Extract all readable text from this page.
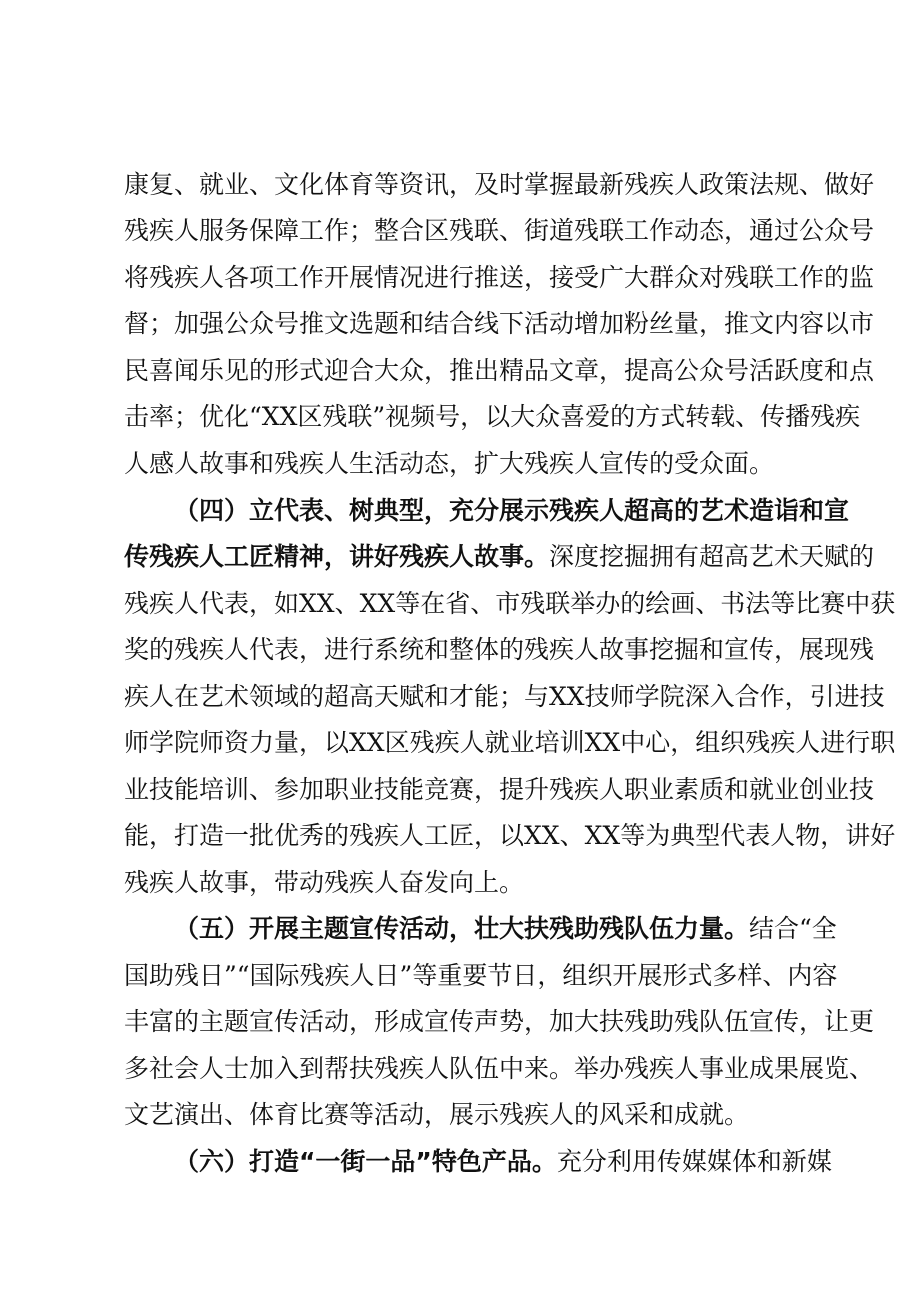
康复、就业、文化体育等资讯，及时掌握最新残疾人政策法规、做好
残疾人服务保障工作；整合区残联、街道残联工作动态，通过公众号
将残疾人各项工作开展情况进行推送，接受广大群众对残联工作的监
督；加强公众号推文选题和结合线下活动增加粉丝量，推文内容以市
民喜闻乐见的形式迎合大众，推出精品文章，提高公众号活跃度和点
击率；优化“XX区残联”视频号，以大众喜爱的方式转载、传播残疾
人感人故事和残疾人生活动态，扩大残疾人宣传的受众面。
（四）立代表、树典型，充分展示残疾人超高的艺术造诣和宣
传残疾人工匠精神，讲好残疾人故事。深度挖掘拥有超高艺术天赋的
残疾人代表，如XX、XX等在省、市残联举办的绘画、书法等比赛中获
奖的残疾人代表，进行系统和整体的残疾人故事挖掘和宣传，展现残
疾人在艺术领域的超高天赋和才能；与XX技师学院深入合作，引进技
师学院师资力量，以XX区残疾人就业培训XX中心，组织残疾人进行职
业技能培训、参加职业技能竞赛，提升残疾人职业素质和就业创业技
能，打造一批优秀的残疾人工匠，以XX、XX等为典型代表人物，讲好
残疾人故事，带动残疾人奋发向上。
（五）开展主题宣传活动，壮大扶残助残队伍力量。结合“全
国助残日”“国际残疾人日”等重要节日，组织开展形式多样、内容
丰富的主题宣传活动，形成宣传声势，加大扶残助残队伍宣传，让更
多社会人士加入到帮扶残疾人队伍中来。举办残疾人事业成果展览、
文艺演出、体育比赛等活动，展示残疾人的风采和成就。
（六）打造“一街一品”特色产品。充分利用传媒媒体和新媒
